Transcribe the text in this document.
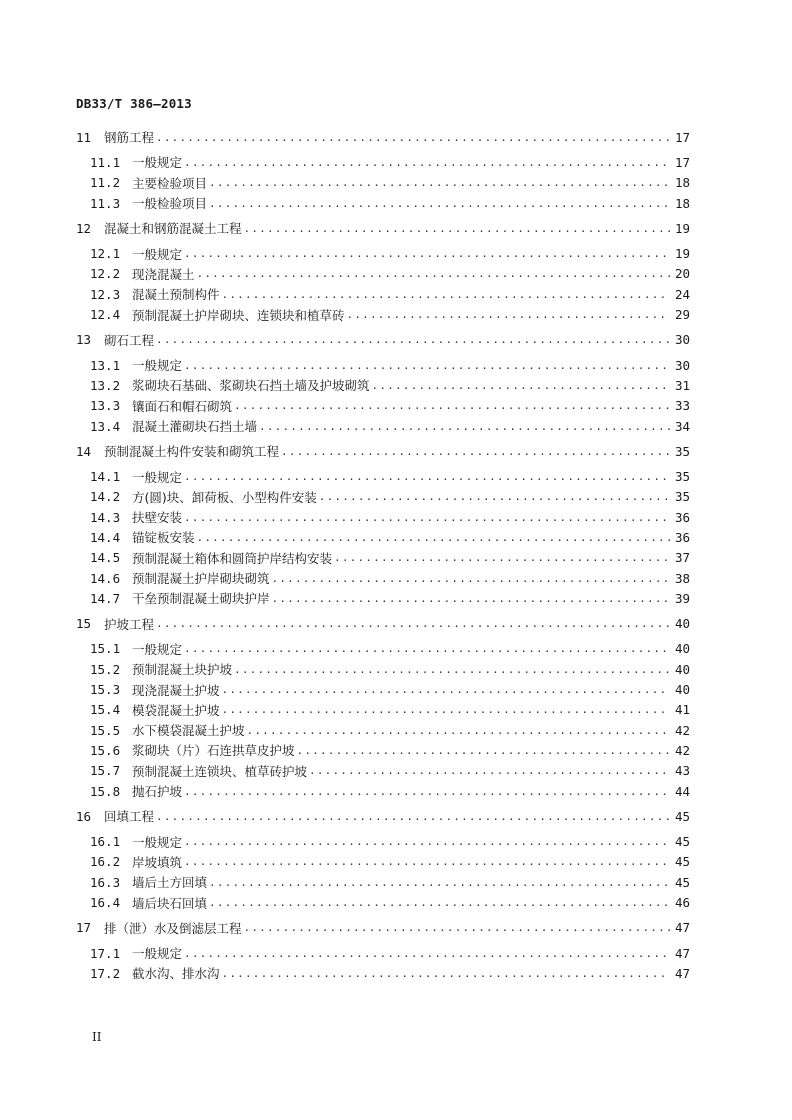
DB33/T 386—2013
11	钢筋工程 .....	17
11.1 一般规定 .....	17
11.2 主要检验项目 .....	18
11.3 一般检验项目 .....	18
12	混凝土和钢筋混凝土工程 .....	19
12.1 一般规定 .....	19
12.2 现浇混凝土 .....	20
12.3 混凝土预制构件 .....	24
12.4 预制混凝土护岸砌块、连锁块和植草砖 .....	29
13	砌石工程 .....	30
13.1 一般规定 .....	30
13.2 浆砌块石基础、浆砌块石挡土墙及护坡砌筑 .....	31
13.3 镶面石和帽石砌筑 .....	33
13.4 混凝土灌砌块石挡土墙 .....	34
14	预制混凝土构件安装和砌筑工程 .....	35
14.1 一般规定 .....	35
14.2 方(圆)块、卸荷板、小型构件安装 .....	35
14.3 扶壁安装 .....	36
14.4 锚锭板安装 .....	36
14.5 预制混凝土箱体和圆筒护岸结构安装 .....	37
14.6 预制混凝土护岸砌块砌筑 .....	38
14.7 干垒预制混凝土砌块护岸 .....	39
15	护坡工程 .....	40
15.1 一般规定 .....	40
15.2 预制混凝土块护坡 .....	40
15.3 现浇混凝土护坡 .....	40
15.4 模袋混凝土护坡 .....	41
15.5 水下模袋混凝土护坡 .....	42
15.6 浆砌块（片）石连拱草皮护坡 .....	42
15.7 预制混凝土连锁块、植草砖护坡 .....	43
15.8 抛石护坡 .....	44
16	回填工程 .....	45
16.1 一般规定 .....	45
16.2 岸坡填筑 .....	45
16.3 墙后土方回填 .....	45
16.4 墙后块石回填 .....	46
17	排（泄）水及倒滤层工程 .....	47
17.1 一般规定 .....	47
17.2 截水沟、排水沟 .....	47
II
